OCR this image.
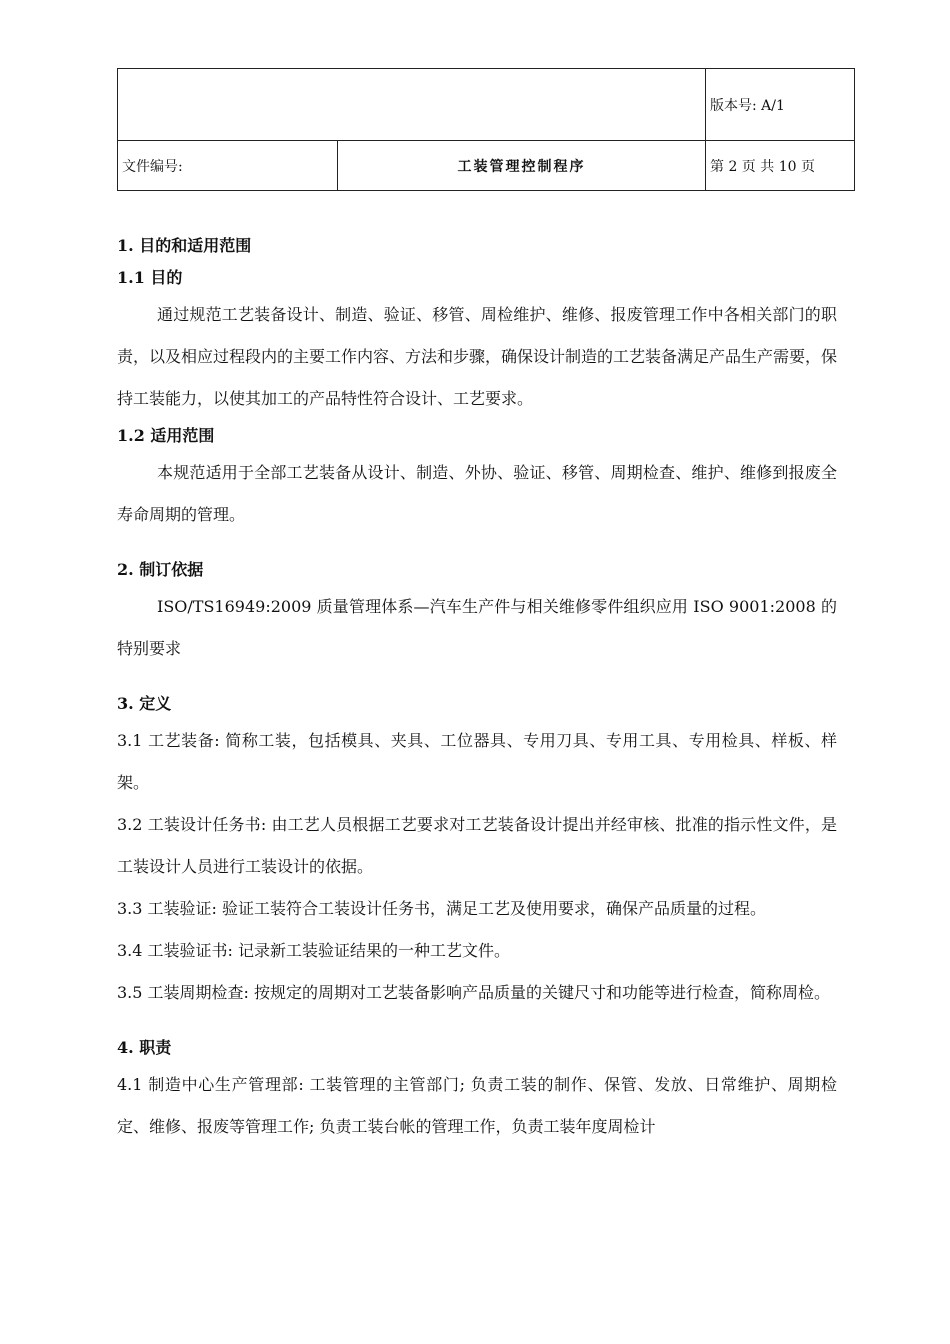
		版本号: A/1
文件编号:	工装管理控制程序	第 2 页 共 10 页

1. 目的和适用范围

1.1 目的

通过规范工艺装备设计、制造、验证、移管、周检维护、维修、报废管理工作中各相关部门的职责，以及相应过程段内的主要工作内容、方法和步骤，确保设计制造的工艺装备满足产品生产需要，保持工装能力，以使其加工的产品特性符合设计、工艺要求。

1.2 适用范围

本规范适用于全部工艺装备从设计、制造、外协、验证、移管、周期检查、维护、维修到报废全寿命周期的管理。

2. 制订依据

ISO/TS16949:2009 质量管理体系—汽车生产件与相关维修零件组织应用 ISO 9001:2008 的特别要求

3. 定义

3.1 工艺装备: 简称工装，包括模具、夹具、工位器具、专用刀具、专用工具、专用检具、样板、样架。

3.2 工装设计任务书: 由工艺人员根据工艺要求对工艺装备设计提出并经审核、批准的指示性文件，是工装设计人员进行工装设计的依据。

3.3 工装验证: 验证工装符合工装设计任务书，满足工艺及使用要求，确保产品质量的过程。

3.4 工装验证书: 记录新工装验证结果的一种工艺文件。

3.5 工装周期检查: 按规定的周期对工艺装备影响产品质量的关键尺寸和功能等进行检查，简称周检。

4. 职责

4.1 制造中心生产管理部: 工装管理的主管部门; 负责工装的制作、保管、发放、日常维护、周期检定、维修、报废等管理工作; 负责工装台帐的管理工作，负责工装年度周检计
